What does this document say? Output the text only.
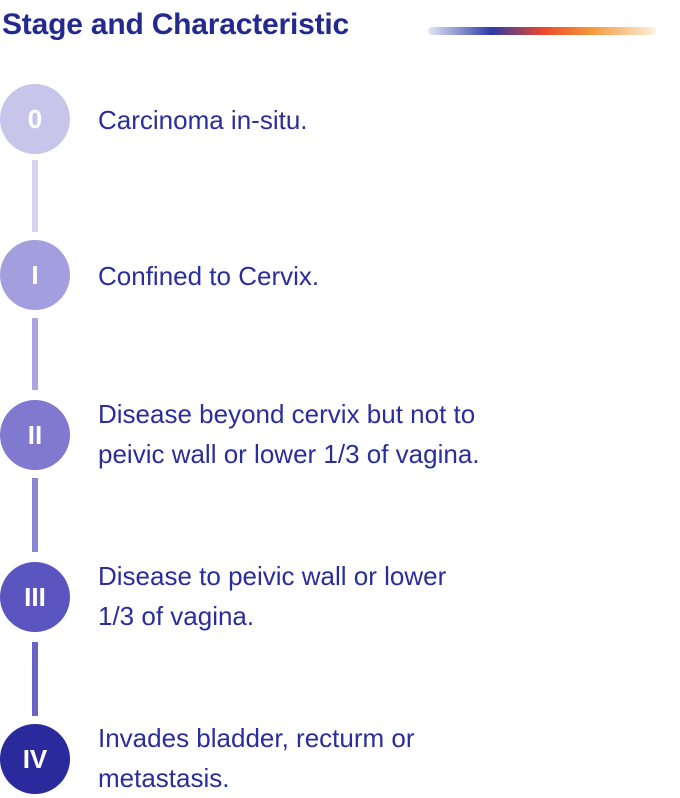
Stage and Characteristic
0 Carcinoma in-situ.
I Confined to Cervix.
II
Disease beyond cervix but not to
peivic wall or lower 1/3 of vagina.
III
Disease to peivic wall or lower
1/3 of vagina.
IV
Invades bladder, recturm or
metastasis.
